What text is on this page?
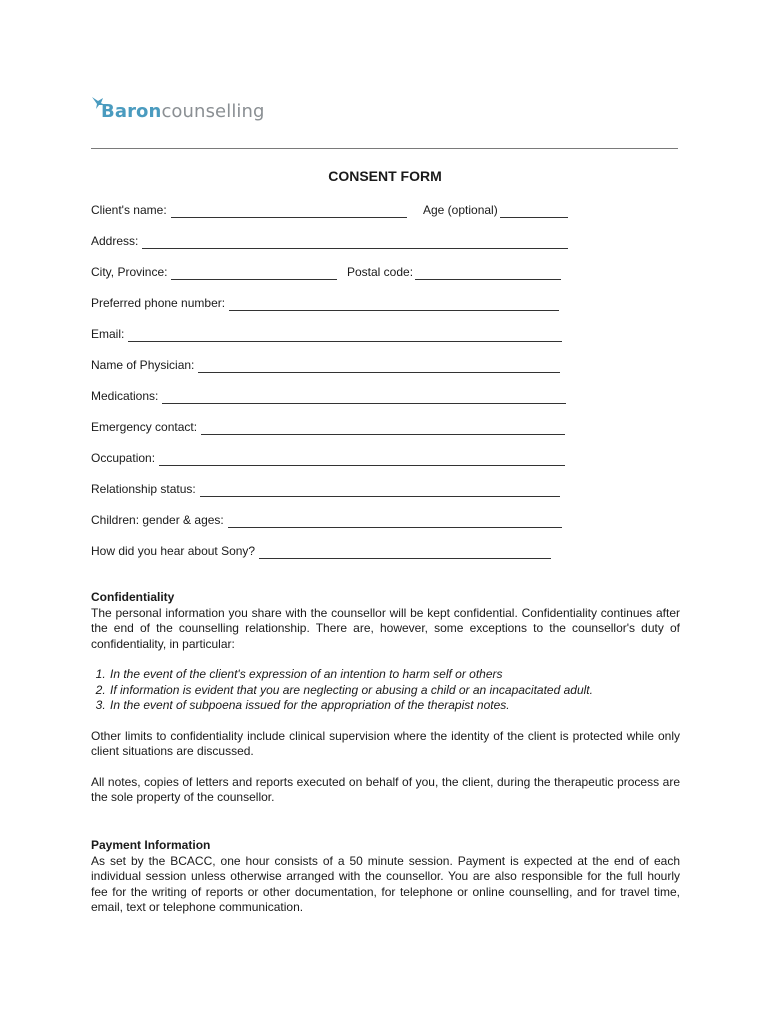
Baroncounselling
CONSENT FORM
Client's name:	Age (optional)
Address:
City, Province:	Postal code:
Preferred phone number:
Email:
Name of Physician:
Medications:
Emergency contact:
Occupation:
Relationship status:
Children: gender & ages:
How did you hear about Sony?
Confidentiality

The personal information you share with the counsellor will be kept confidential. Confidentiality continues after the end of the counselling relationship. There are, however, some exceptions to the counsellor's duty of confidentiality, in particular:

1. In the event of the client's expression of an intention to harm self or others
2. If information is evident that you are neglecting or abusing a child or an incapacitated adult.
3. In the event of subpoena issued for the appropriation of the therapist notes.

Other limits to confidentiality include clinical supervision where the identity of the client is protected while only client situations are discussed.

All notes, copies of letters and reports executed on behalf of you, the client, during the therapeutic process are the sole property of the counsellor.

Payment Information

As set by the BCACC, one hour consists of a 50 minute session. Payment is expected at the end of each individual session unless otherwise arranged with the counsellor. You are also responsible for the full hourly fee for the writing of reports or other documentation, for telephone or online counselling, and for travel time, email, text or telephone communication.
